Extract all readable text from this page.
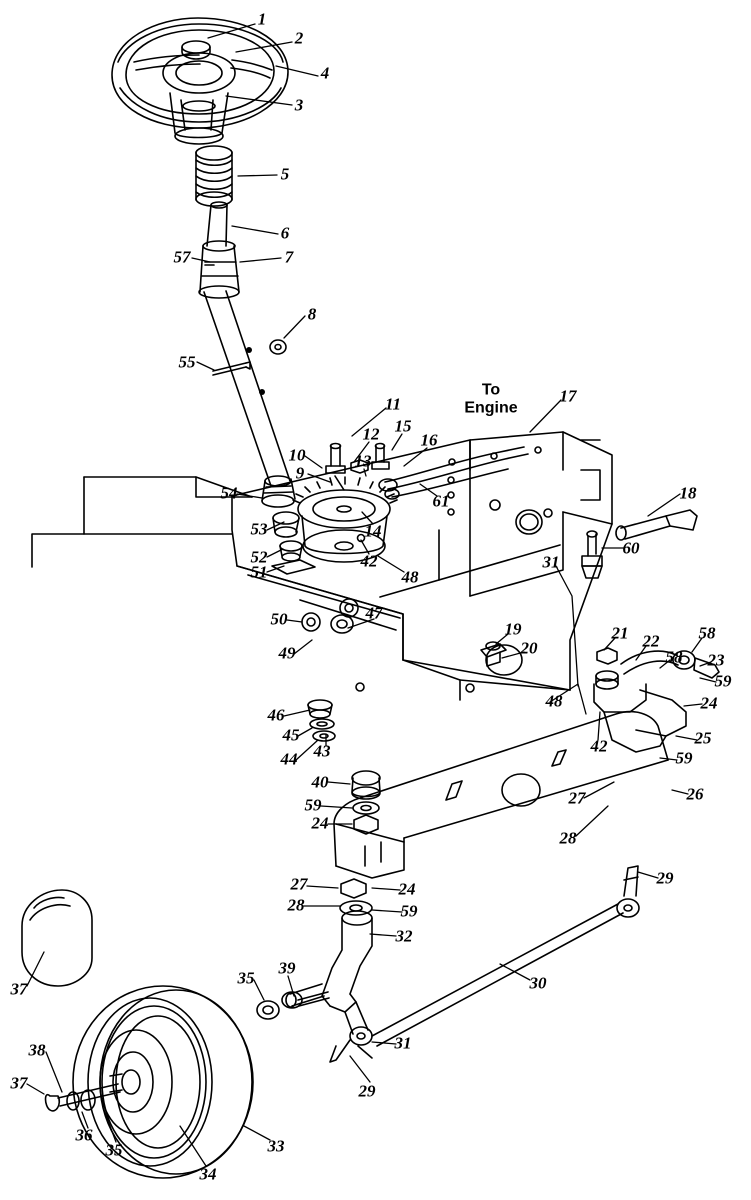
1
2
4
3
5
6
57	7
8
55
11	17
12 15
16
10	13
9
61	18
54
60
53	14
31
52	42
48
51
21 22 58
58 23
50	47
19
20
59
49
24
25
46
48
42
45
59
44 43
40
26
27
59
24
28
29
27	24
28	59
32
39
35	30
37
31
38
37	29
36
35	33
34
To
Engine
